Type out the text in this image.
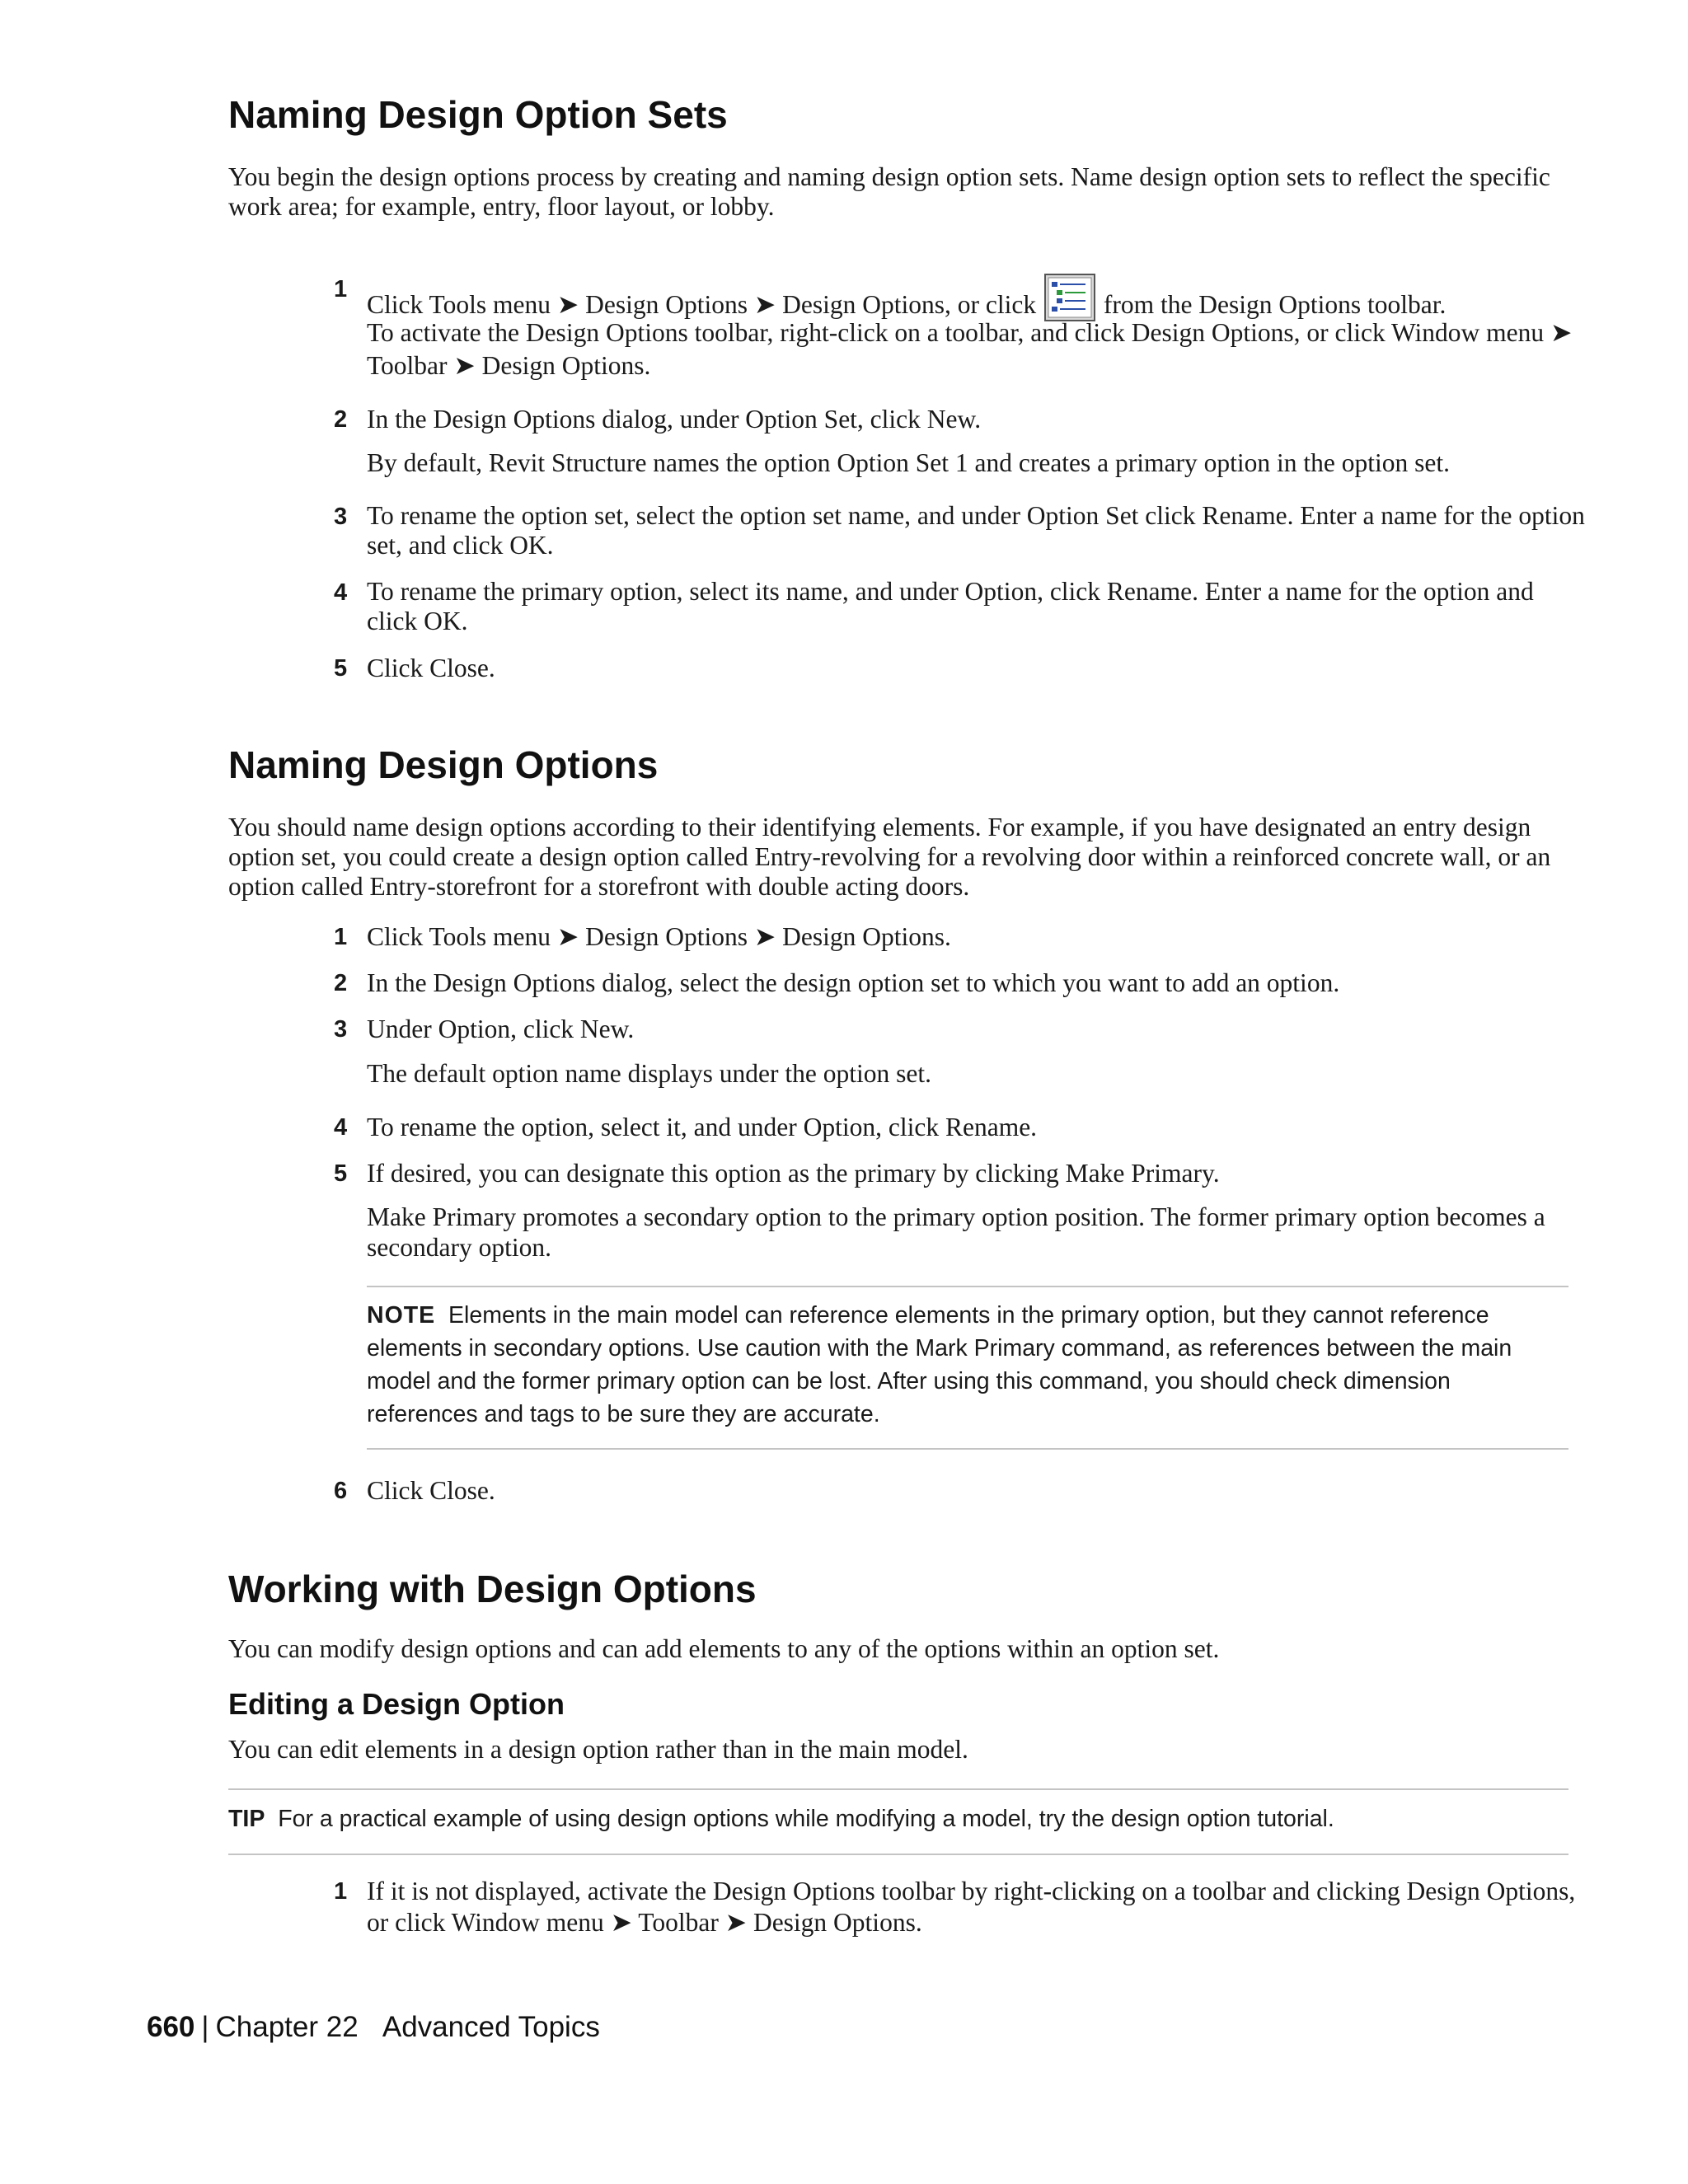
Naming Design Option Sets

You begin the design options process by creating and naming design option sets. Name design option sets to reflect the specific work area; for example, entry, floor layout, or lobby.

1
Click Tools menu ➤ Design Options ➤ Design Options, or click	from the Design Options toolbar.

To activate the Design Options toolbar, right-click on a toolbar, and click Design Options, or click Window menu ➤ Toolbar ➤ Design Options.

2 In the Design Options dialog, under Option Set, click New.

By default, Revit Structure names the option Option Set 1 and creates a primary option in the option set.

3 To rename the option set, select the option set name, and under Option Set click Rename. Enter a name for the option set, and click OK.
4 To rename the primary option, select its name, and under Option, click Rename. Enter a name for the option and click OK.
5 Click Close.
Naming Design Options

You should name design options according to their identifying elements. For example, if you have designated an entry design option set, you could create a design option called Entry-revolving for a revolving door within a reinforced concrete wall, or an option called Entry-storefront for a storefront with double acting doors.

1 Click Tools menu ➤ Design Options ➤ Design Options.
2 In the Design Options dialog, select the design option set to which you want to add an option.
3 Under Option, click New.

The default option name displays under the option set.

4 To rename the option, select it, and under Option, click Rename.
5 If desired, you can designate this option as the primary by clicking Make Primary.

Make Primary promotes a secondary option to the primary option position. The former primary option becomes a secondary option.

NOTE Elements in the main model can reference elements in the primary option, but they cannot reference elements in secondary options. Use caution with the Mark Primary command, as references between the main model and the former primary option can be lost. After using this command, you should check dimension references and tags to be sure they are accurate.

6 Click Close.
Working with Design Options

You can modify design options and can add elements to any of the options within an option set.

Editing a Design Option

You can edit elements in a design option rather than in the main model.

TIP For a practical example of using design options while modifying a model, try the design option tutorial.

1 If it is not displayed, activate the Design Options toolbar by right-clicking on a toolbar and clicking Design Options, or click Window menu ➤ Toolbar ➤ Design Options.
660 | Chapter 22 Advanced Topics
